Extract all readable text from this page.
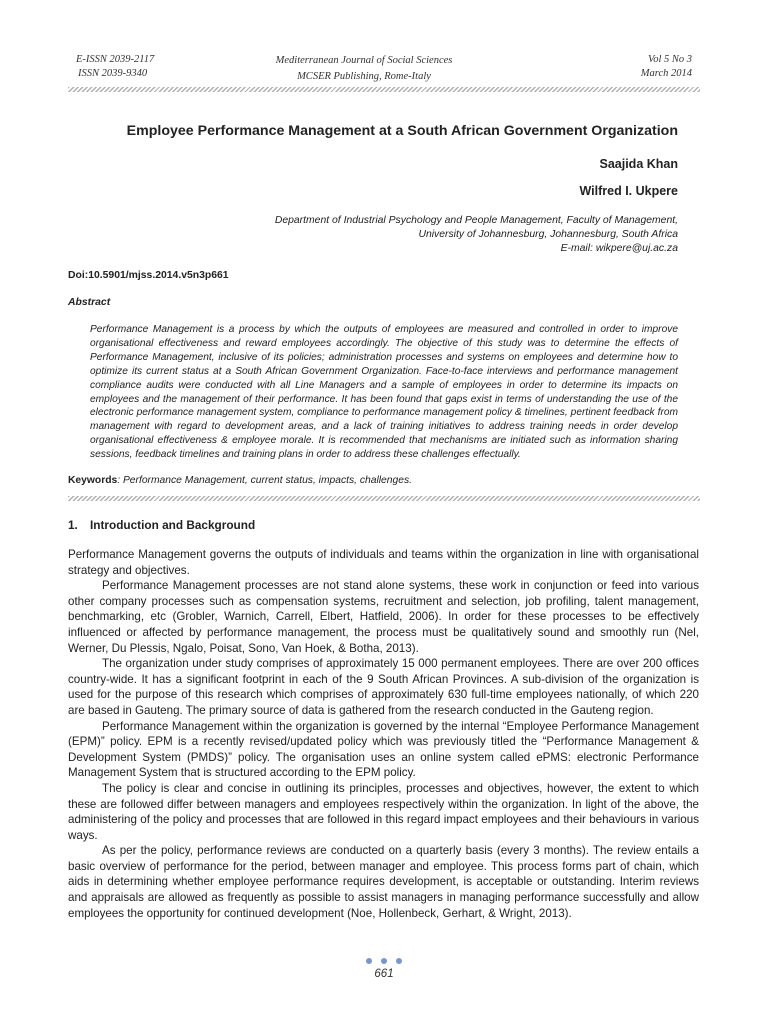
E-ISSN 2039-2117
ISSN 2039-9340
Mediterranean Journal of Social Sciences
MCSER Publishing, Rome-Italy
Vol 5 No 3
March 2014
Employee Performance Management at a South African Government Organization
Saajida Khan
Wilfred I. Ukpere
Department of Industrial Psychology and People Management, Faculty of Management,
University of Johannesburg, Johannesburg, South Africa
E-mail: wikpere@uj.ac.za
Doi:10.5901/mjss.2014.v5n3p661
Abstract
Performance Management is a process by which the outputs of employees are measured and controlled in order to improve organisational effectiveness and reward employees accordingly. The objective of this study was to determine the effects of Performance Management, inclusive of its policies; administration processes and systems on employees and determine how to optimize its current status at a South African Government Organization. Face-to-face interviews and performance management compliance audits were conducted with all Line Managers and a sample of employees in order to determine its impacts on employees and the management of their performance. It has been found that gaps exist in terms of understanding the use of the electronic performance management system, compliance to performance management policy & timelines, pertinent feedback from management with regard to development areas, and a lack of training initiatives to address training needs in order develop organisational effectiveness & employee morale. It is recommended that mechanisms are initiated such as information sharing sessions, feedback timelines and training plans in order to address these challenges effectually.
Keywords: Performance Management, current status, impacts, challenges.
1. Introduction and Background

Performance Management governs the outputs of individuals and teams within the organization in line with organisational strategy and objectives.

Performance Management processes are not stand alone systems, these work in conjunction or feed into various other company processes such as compensation systems, recruitment and selection, job profiling, talent management, benchmarking, etc (Grobler, Warnich, Carrell, Elbert, Hatfield, 2006). In order for these processes to be effectively influenced or affected by performance management, the process must be qualitatively sound and smoothly run (Nel, Werner, Du Plessis, Ngalo, Poisat, Sono, Van Hoek, & Botha, 2013).

The organization under study comprises of approximately 15 000 permanent employees. There are over 200 offices country-wide. It has a significant footprint in each of the 9 South African Provinces. A sub-division of the organization is used for the purpose of this research which comprises of approximately 630 full-time employees nationally, of which 220 are based in Gauteng. The primary source of data is gathered from the research conducted in the Gauteng region.

Performance Management within the organization is governed by the internal “Employee Performance Management (EPM)” policy. EPM is a recently revised/updated policy which was previously titled the “Performance Management & Development System (PMDS)” policy. The organisation uses an online system called ePMS: electronic Performance Management System that is structured according to the EPM policy.

The policy is clear and concise in outlining its principles, processes and objectives, however, the extent to which these are followed differ between managers and employees respectively within the organization. In light of the above, the administering of the policy and processes that are followed in this regard impact employees and their behaviours in various ways.

As per the policy, performance reviews are conducted on a quarterly basis (every 3 months). The review entails a basic overview of performance for the period, between manager and employee. This process forms part of chain, which aids in determining whether employee performance requires development, is acceptable or outstanding. Interim reviews and appraisals are allowed as frequently as possible to assist managers in managing performance successfully and allow employees the opportunity for continued development (Noe, Hollenbeck, Gerhart, & Wright, 2013).

661
